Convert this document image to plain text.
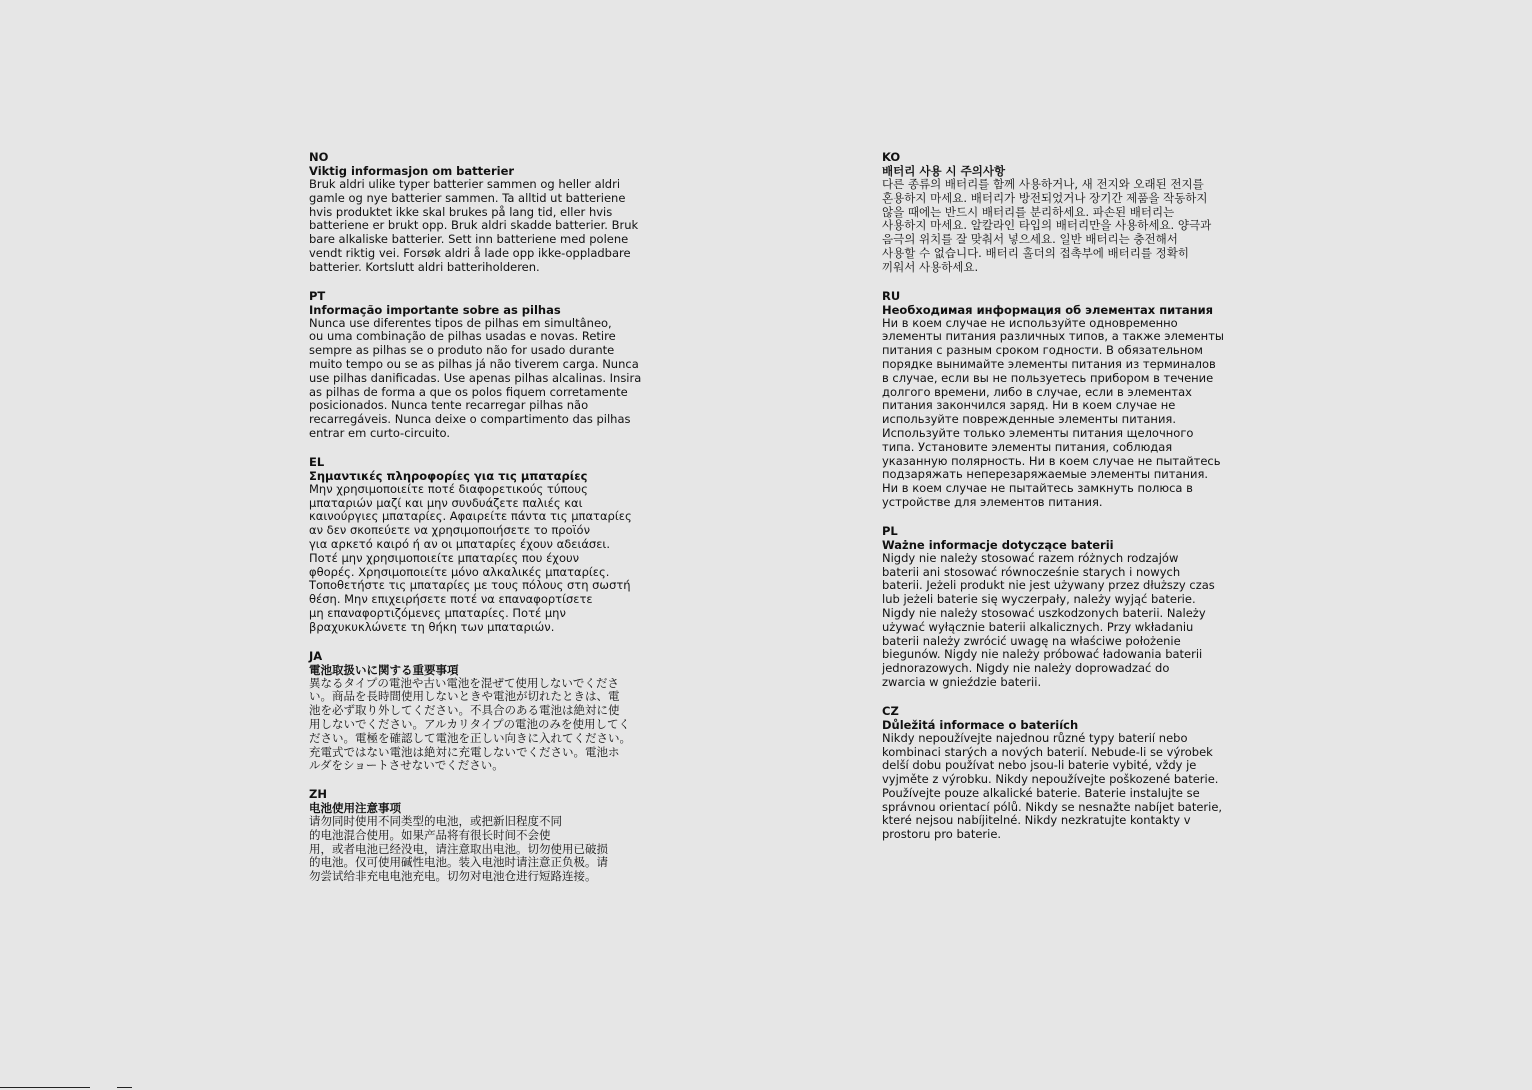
NO
Viktig informasjon om batterier
Bruk aldri ulike typer batterier sammen og heller aldri
gamle og nye batterier sammen. Ta alltid ut batteriene
hvis produktet ikke skal brukes på lang tid, eller hvis
batteriene er brukt opp. Bruk aldri skadde batterier. Bruk
bare alkaliske batterier. Sett inn batteriene med polene
vendt riktig vei. Forsøk aldri å lade opp ikke-oppladbare
batterier. Kortslutt aldri batteriholderen.
PT
Informação importante sobre as pilhas
Nunca use diferentes tipos de pilhas em simultâneo,
ou uma combinação de pilhas usadas e novas. Retire
sempre as pilhas se o produto não for usado durante
muito tempo ou se as pilhas já não tiverem carga. Nunca
use pilhas danificadas. Use apenas pilhas alcalinas. Insira
as pilhas de forma a que os polos fiquem corretamente
posicionados. Nunca tente recarregar pilhas não
recarregáveis. Nunca deixe o compartimento das pilhas
entrar em curto-circuito.
EL
Σημαντικές πληροφορίες για τις μπαταρίες
Μην χρησιμοποιείτε ποτέ διαφορετικούς τύπους
μπαταριών μαζί και μην συνδυάζετε παλιές και
καινούργιες μπαταρίες. Αφαιρείτε πάντα τις μπαταρίες
αν δεν σκοπεύετε να χρησιμοποιήσετε το προϊόν
για αρκετό καιρό ή αν οι μπαταρίες έχουν αδειάσει.
Ποτέ μην χρησιμοποιείτε μπαταρίες που έχουν
φθορές. Χρησιμοποιείτε μόνο αλκαλικές μπαταρίες.
Τοποθετήστε τις μπαταρίες με τους πόλους στη σωστή
θέση. Μην επιχειρήσετε ποτέ να επαναφορτίσετε
μη επαναφορτιζόμενες μπαταρίες. Ποτέ μην
βραχυκυκλώνετε τη θήκη των μπαταριών.
JA
電池取扱いに関する重要事項
異なるタイプの電池や古い電池を混ぜて使用しないでくださ
い。商品を長時間使用しないときや電池が切れたときは、電
池を必ず取り外してください。不具合のある電池は絶対に使
用しないでください。アルカリタイプの電池のみを使用してく
ださい。電極を確認して電池を正しい向きに入れてください。
充電式ではない電池は絶対に充電しないでください。電池ホ
ルダをショートさせないでください。
ZH
电池使用注意事项
请勿同时使用不同类型的电池，或把新旧程度不同
的电池混合使用。如果产品将有很长时间不会使
用，或者电池已经没电，请注意取出电池。切勿使用已破损
的电池。仅可使用碱性电池。装入电池时请注意正负极。请
勿尝试给非充电电池充电。切勿对电池仓进行短路连接。
KO
배터리 사용 시 주의사항
다른 종류의 배터리를 함께 사용하거나, 새 전지와 오래된 전지를
혼용하지 마세요. 배터리가 방전되었거나 장기간 제품을 작동하지
않을 때에는 반드시 배터리를 분리하세요. 파손된 배터리는
사용하지 마세요. 알칼라인 타입의 배터리만을 사용하세요. 양극과
음극의 위치를 잘 맞춰서 넣으세요. 일반 배터리는 충전해서
사용할 수 없습니다. 배터리 홀더의 접촉부에 배터리를 정확히
끼워서 사용하세요.
RU
Необходимая информация об элементах питания
Ни в коем случае не используйте одновременно
элементы питания различных типов, а также элементы
питания с разным сроком годности. В обязательном
порядке вынимайте элементы питания из терминалов
в случае, если вы не пользуетесь прибором в течение
долгого времени, либо в случае, если в элементах
питания закончился заряд. Ни в коем случае не
используйте поврежденные элементы питания.
Используйте только элементы питания щелочного
типа. Установите элементы питания, соблюдая
указанную полярность. Ни в коем случае не пытайтесь
подзаряжать неперезаряжаемые элементы питания.
Ни в коем случае не пытайтесь замкнуть полюса в
устройстве для элементов питания.
PL
Ważne informacje dotyczące baterii
Nigdy nie należy stosować razem różnych rodzajów
baterii ani stosować równocześnie starych i nowych
baterii. Jeżeli produkt nie jest używany przez dłuższy czas
lub jeżeli baterie się wyczerpały, należy wyjąć baterie.
Nigdy nie należy stosować uszkodzonych baterii. Należy
używać wyłącznie baterii alkalicznych. Przy wkładaniu
baterii należy zwrócić uwagę na właściwe położenie
biegunów. Nigdy nie należy próbować ładowania baterii
jednorazowych. Nigdy nie należy doprowadzać do
zwarcia w gnieździe baterii.
CZ
Důležitá informace o bateriích
Nikdy nepoužívejte najednou různé typy baterií nebo
kombinaci starých a nových baterií. Nebude-li se výrobek
delší dobu používat nebo jsou-li baterie vybité, vždy je
vyjměte z výrobku. Nikdy nepoužívejte poškozené baterie.
Používejte pouze alkalické baterie. Baterie instalujte se
správnou orientací pólů. Nikdy se nesnažte nabíjet baterie,
které nejsou nabíjitelné. Nikdy nezkratujte kontakty v
prostoru pro baterie.
